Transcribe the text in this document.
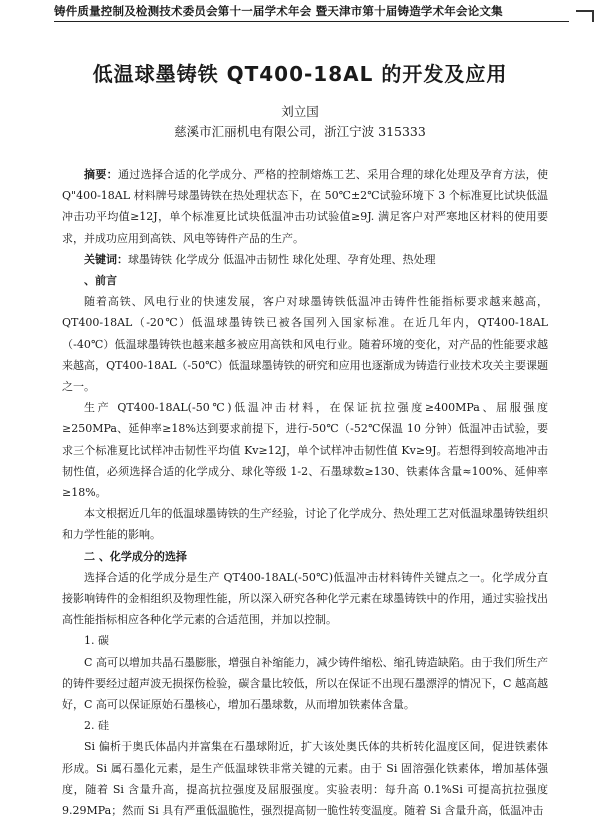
铸件质量控制及检测技术委员会第十一届学术年会 暨天津市第十届铸造学术年会论文集
低温球墨铸铁 QT400-18AL 的开发及应用
刘立国
慈溪市汇丽机电有限公司，浙江宁波 315333

摘要：通过选择合适的化学成分、严格的控制熔炼工艺、采用合理的球化处理及孕育方法，使Q"400-18AL 材料牌号球墨铸铁在热处理状态下，在 50℃±2℃试验环境下 3 个标准夏比试块低温冲击功平均值≥12J，单个标准夏比试块低温冲击功试验值≥9J. 满足客户对严寒地区材料的使用要求，并成功应用到高铁、风电等铸件产品的生产。

关键词：球墨铸铁 化学成分 低温冲击韧性 球化处理、孕育处理、热处理

、前言

随着高铁、风电行业的快速发展，客户对球墨铸铁低温冲击铸件性能指标要求越来越高，QT400-18AL（-20℃）低温球墨铸铁已被各国列入国家标准。在近几年内，QT400-18AL（-40℃）低温球墨铸铁也越来越多被应用高铁和风电行业。随着环境的变化，对产品的性能要求越来越高，QT400-18AL（-50℃）低温球墨铸铁的研究和应用也逐渐成为铸造行业技术攻关主要课题之一。

生产 QT400-18AL(-50℃)低温冲击材料，在保证抗拉强度≥400MPa、屈服强度≥250MPa、延伸率≥18%达到要求前提下，进行-50℃（-52℃保温 10 分钟）低温冲击试验，要求三个标准夏比试样冲击韧性平均值 Kv≥12J，单个试样冲击韧性值 Kv≥9J。若想得到较高地冲击韧性值，必须选择合适的化学成分、球化等级 1-2、石墨球数≥130、铁素体含量≈100%、延伸率≥18%。

本文根据近几年的低温球墨铸铁的生产经验，讨论了化学成分、热处理工艺对低温球墨铸铁组织和力学性能的影响。

二 、化学成分的选择

选择合适的化学成分是生产 QT400-18AL(-50℃)低温冲击材料铸件关键点之一。化学成分直接影响铸件的金相组织及物理性能，所以深入研究各种化学元素在球墨铸铁中的作用，通过实验找出高性能指标相应各种化学元素的合适范围，并加以控制。

1. 碳

C 高可以增加共晶石墨膨胀，增强自补缩能力，减少铸件缩松、缩孔铸造缺陷。由于我们所生产的铸件要经过超声波无损探伤检验，碳含量比较低，所以在保证不出现石墨漂浮的情况下，C 越高越好，C 高可以保证原始石墨核心，增加石墨球数，从而增加铁素体含量。

2. 硅

Si 偏析于奥氏体晶内并富集在石墨球附近，扩大该处奥氏体的共析转化温度区间，促进铁素体形成。Si 属石墨化元素，是生产低温球铁非常关键的元素。由于 Si 固溶强化铁素体，增加基体强度，随着 Si 含量升高，提高抗拉强度及屈服强度。实验表明：每升高 0.1%Si 可提高抗拉强度 9.29MPa；然而 Si 具有严重低温脆性，强烈提高韧一脆性转变温度。随着 Si 含量升高，低温冲击
